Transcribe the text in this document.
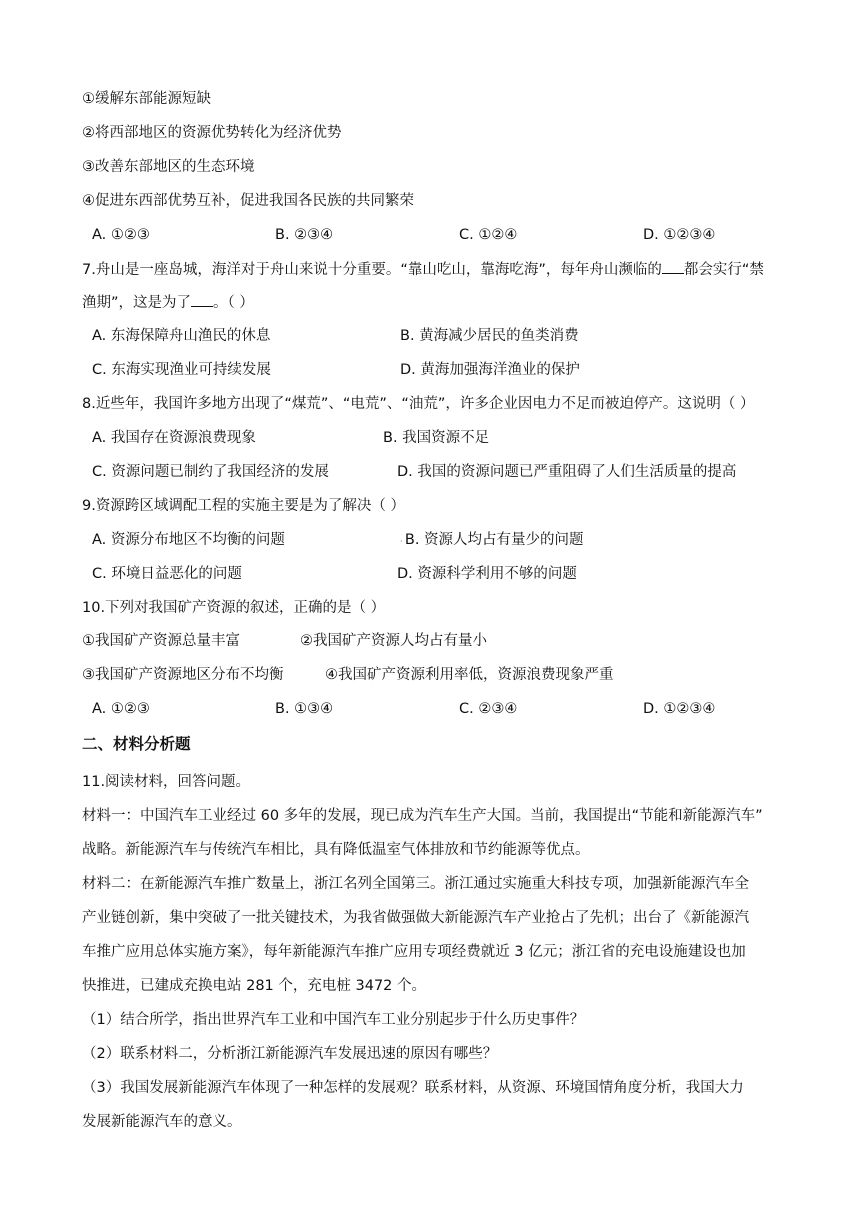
①缓解东部能源短缺
②将西部地区的资源优势转化为经济优势
③改善东部地区的生态环境
④促进东西部优势互补，促进我国各民族的共同繁荣
A. ①②③	B. ②③④	C. ①②④	D. ①②③④
7.舟山是一座岛城，海洋对于舟山来说十分重要。“靠山吃山，靠海吃海”，每年舟山濒临的 都会实行“禁
渔期”，这是为了 。（ ）
A. 东海保障舟山渔民的休息	B. 黄海减少居民的鱼类消费
C. 东海实现渔业可持续发展	D. 黄海加强海洋渔业的保护
8.近些年，我国许多地方出现了“煤荒”、“电荒”、“油荒”，许多企业因电力不足而被迫停产。这说明（ ）
A. 我国存在资源浪费现象	B. 我国资源不足
C. 资源问题已制约了我国经济的发展	D. 我国的资源问题已严重阻碍了人们生活质量的提高
9.资源跨区域调配工程的实施主要是为了解决（ ）
A. 资源分布地区不均衡的问题	· B. 资源人均占有量少的问题
C. 环境日益恶化的问题	D. 资源科学利用不够的问题
10.下列对我国矿产资源的叙述，正确的是（ ）
①我国矿产资源总量丰富	②我国矿产资源人均占有量小
③我国矿产资源地区分布不均衡	④我国矿产资源利用率低，资源浪费现象严重
A. ①②③	B. ①③④	C. ②③④	D. ①②③④
二、材料分析题
11.阅读材料，回答问题。
材料一：中国汽车工业经过 60 多年的发展，现已成为汽车生产大国。当前，我国提出“节能和新能源汽车”
战略。新能源汽车与传统汽车相比，具有降低温室气体排放和节约能源等优点。
材料二：在新能源汽车推广数量上，浙江名列全国第三。浙江通过实施重大科技专项，加强新能源汽车全
产业链创新，集中突破了一批关键技术，为我省做强做大新能源汽车产业抢占了先机；出台了《新能源汽
车推广应用总体实施方案》，每年新能源汽车推广应用专项经费就近 3 亿元；浙江省的充电设施建设也加
快推进，已建成充换电站 281 个，充电桩 3472 个。
（1）结合所学，指出世界汽车工业和中国汽车工业分别起步于什么历史事件？
（2）联系材料二，分析浙江新能源汽车发展迅速的原因有哪些？
（3）我国发展新能源汽车体现了一种怎样的发展观？联系材料，从资源、环境国情角度分析，我国大力
发展新能源汽车的意义。
